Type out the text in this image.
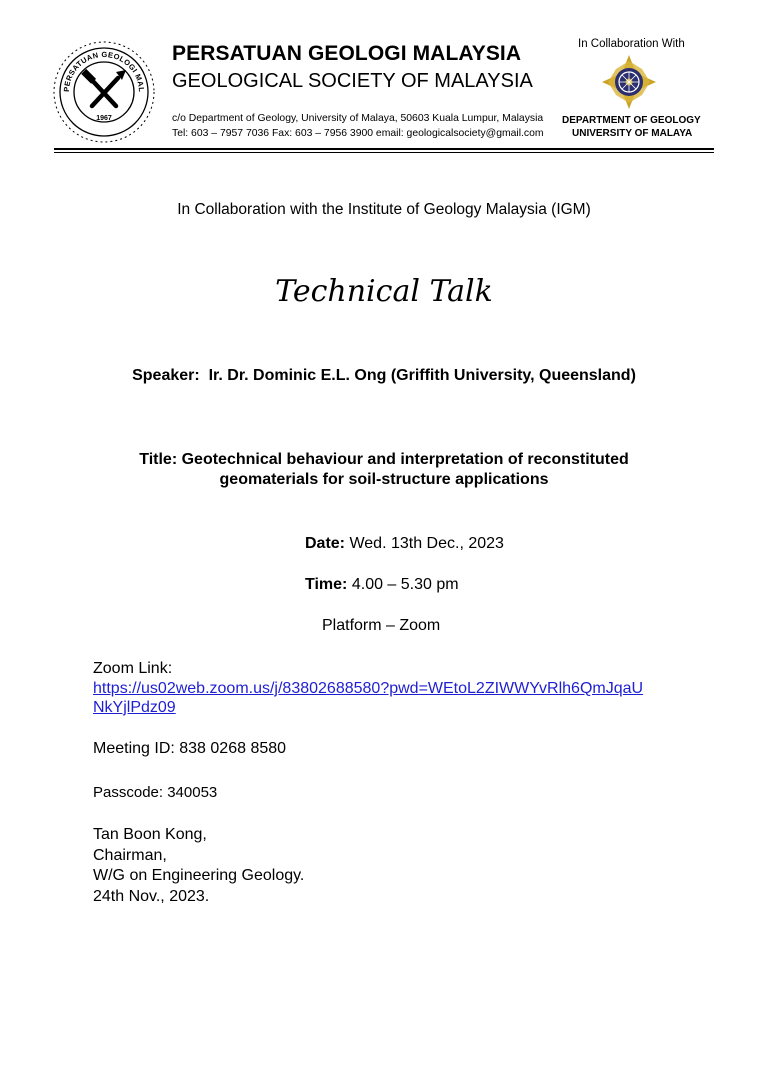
PERSATUAN GEOLOGI MAL
1967
PERSATUAN GEOLOGI MALAYSIA
GEOLOGICAL SOCIETY OF MALAYSIA
c/o Department of Geology, University of Malaya, 50603 Kuala Lumpur, Malaysia
Tel: 603 – 7957 7036 Fax: 603 – 7956 3900 email: geologicalsociety@gmail.com
In Collaboration With
DEPARTMENT OF GEOLOGY
UNIVERSITY OF MALAYA
In Collaboration with the Institute of Geology Malaysia (IGM)
Technical Talk
Speaker: Ir. Dr. Dominic E.L. Ong (Griffith University, Queensland)
Title: Geotechnical behaviour and interpretation of reconstituted
geomaterials for soil-structure applications
Date: Wed. 13th Dec., 2023
Time: 4.00 – 5.30 pm
Platform – Zoom
Zoom Link:
https://us02web.zoom.us/j/83802688580?pwd=WEtoL2ZIWWYvRlh6QmJqaU
NkYjlPdz09
Meeting ID: 838 0268 8580
Passcode: 340053
Tan Boon Kong,
Chairman,
W/G on Engineering Geology.
24th Nov., 2023.
